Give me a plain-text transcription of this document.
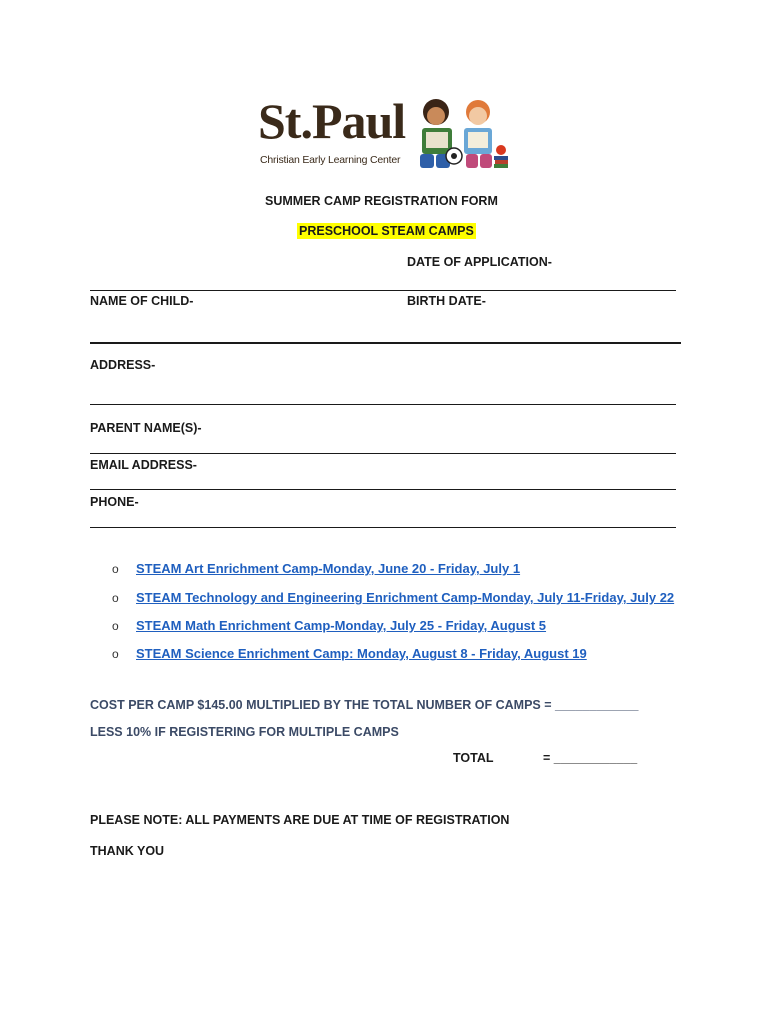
St.Paul
Christian Early Learning Center
SUMMER CAMP REGISTRATION FORM
PRESCHOOL STEAM CAMPS
DATE OF APPLICATION-
NAME OF CHILD-	BIRTH DATE-
ADDRESS-
PARENT NAME(S)-
EMAIL ADDRESS-
PHONE-
o STEAM Art Enrichment Camp-Monday, June 20 - Friday, July 1
o STEAM Technology and Engineering Enrichment Camp-Monday, July 11-Friday, July 22
o STEAM Math Enrichment Camp-Monday, July 25 - Friday, August 5
o STEAM Science Enrichment Camp: Monday, August 8 - Friday, August 19
COST PER CAMP $145.00 MULTIPLIED BY THE TOTAL NUMBER OF CAMPS = ____________
LESS 10% IF REGISTERING FOR MULTIPLE CAMPS
TOTAL	= ____________
PLEASE NOTE: ALL PAYMENTS ARE DUE AT TIME OF REGISTRATION
THANK YOU
